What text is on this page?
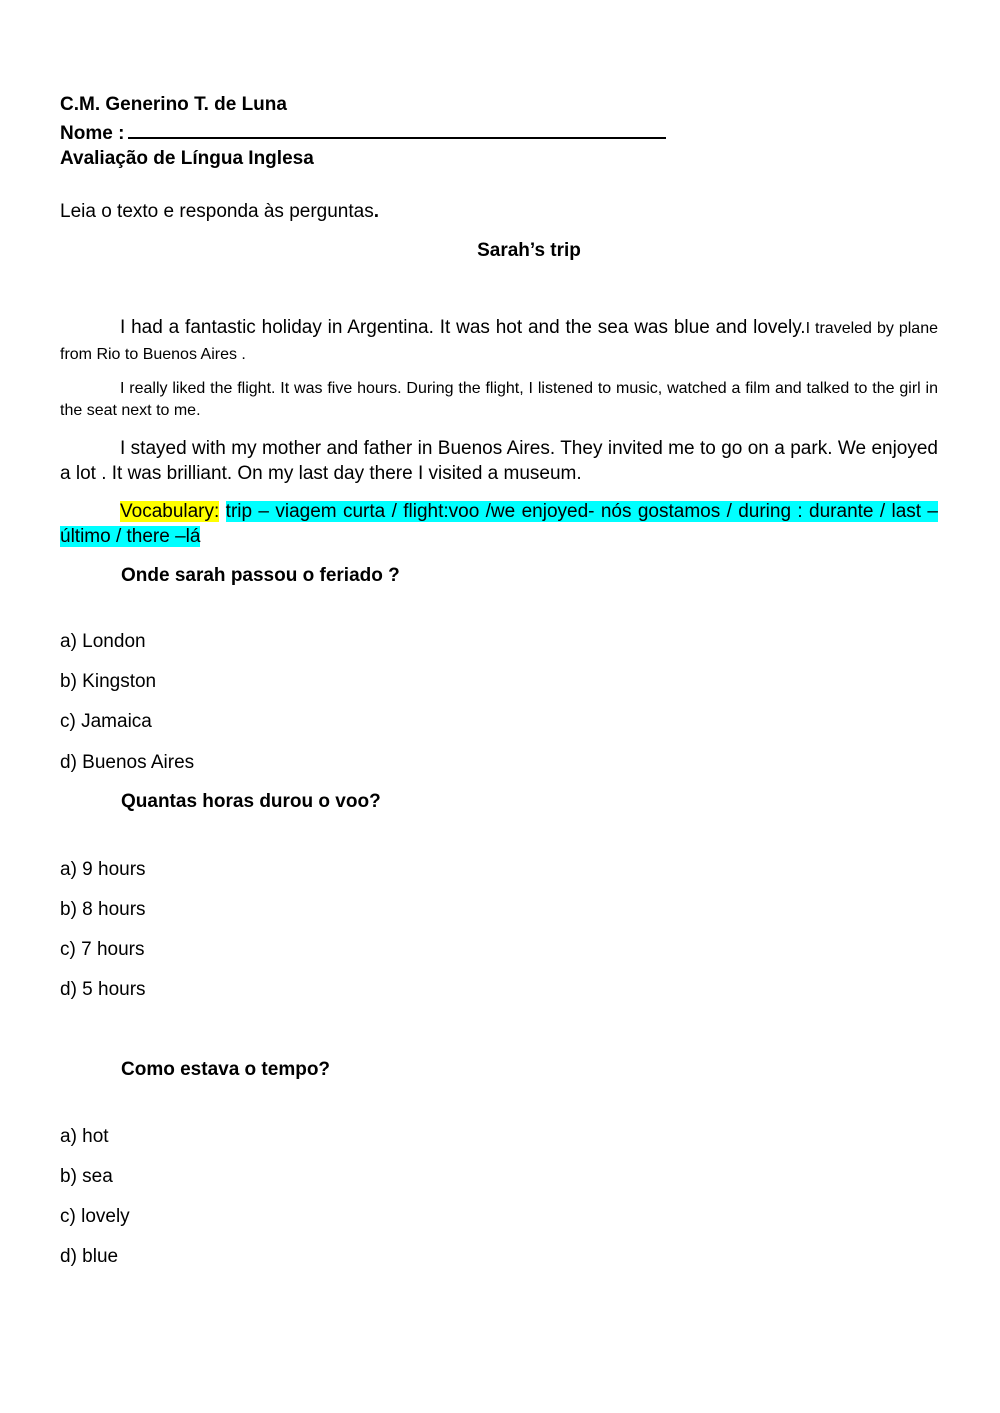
C.M. Generino T. de Luna
Nome :
Avaliação de Língua Inglesa
Leia o texto e responda às perguntas.
Sarah’s trip
I had a fantastic holiday in Argentina. It was hot and the sea was blue and lovely.I traveled by plane from Rio to Buenos Aires .
I really liked the flight. It was five hours. During the flight, I listened to music, watched a film and talked to the girl in the seat next to me.
I stayed with my mother and father in Buenos Aires. They invited me to go on a park. We enjoyed a lot . It was brilliant. On my last day there I visited a museum.
Vocabulary: trip – viagem curta / flight:voo /we enjoyed- nós gostamos / during : durante / last –último / there –lá
Onde sarah passou o feriado ?
a) London
b) Kingston
c) Jamaica
d) Buenos Aires
Quantas horas durou o voo?
a) 9 hours
b) 8 hours
c) 7 hours
d) 5 hours
Como estava o tempo?
a) hot
b) sea
c) lovely
d) blue
